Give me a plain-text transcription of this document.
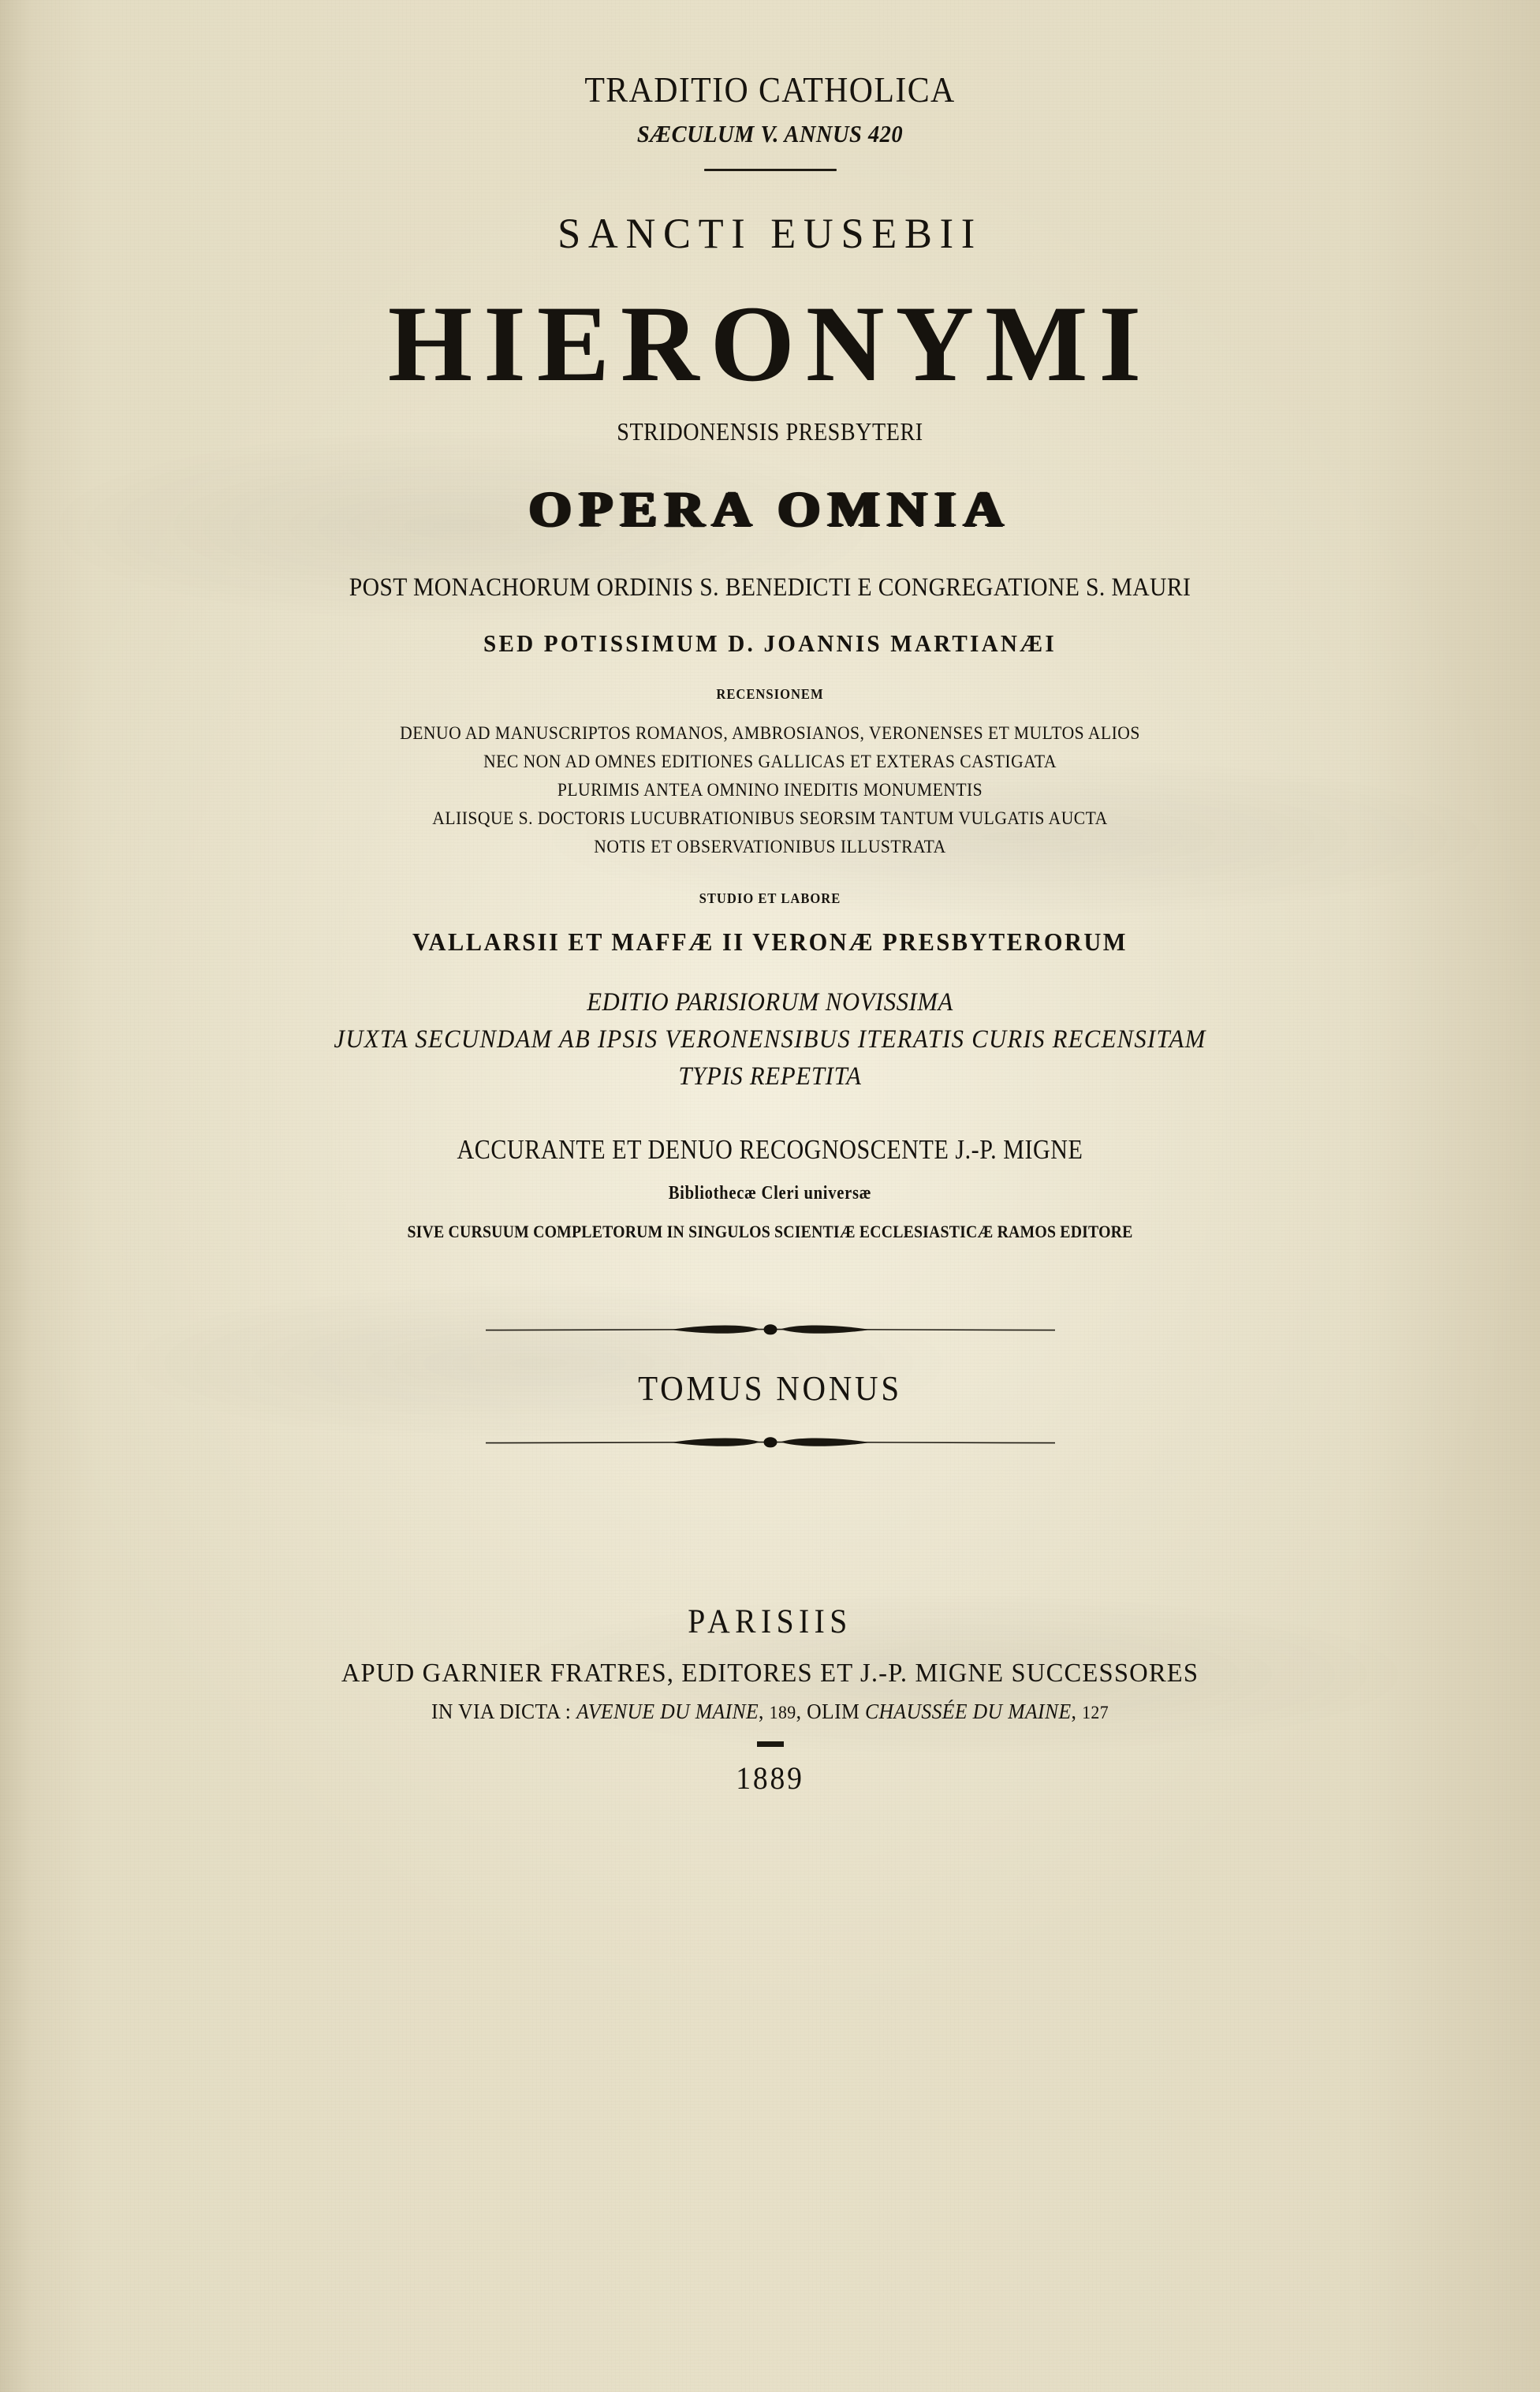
TRADITIO CATHOLICA
SÆCULUM V. ANNUS 420
SANCTI EUSEBII
HIERONYMI
STRIDONENSIS PRESBYTERI
OPERA OMNIA
POST MONACHORUM ORDINIS S. BENEDICTI E CONGREGATIONE S. MAURI
SED POTISSIMUM D. JOANNIS MARTIANÆI
RECENSIONEM
DENUO AD MANUSCRIPTOS ROMANOS, AMBROSIANOS, VERONENSES ET MULTOS ALIOS
NEC NON AD OMNES EDITIONES GALLICAS ET EXTERAS CASTIGATA
PLURIMIS ANTEA OMNINO INEDITIS MONUMENTIS
ALIISQUE S. DOCTORIS LUCUBRATIONIBUS SEORSIM TANTUM VULGATIS AUCTA
NOTIS ET OBSERVATIONIBUS ILLUSTRATA
STUDIO ET LABORE
VALLARSII ET MAFFÆ II VERONÆ PRESBYTERORUM
EDITIO PARISIORUM NOVISSIMA
JUXTA SECUNDAM AB IPSIS VERONENSIBUS ITERATIS CURIS RECENSITAM
TYPIS REPETITA
ACCURANTE ET DENUO RECOGNOSCENTE J.-P. MIGNE
Bibliothecæ Cleri universæ
SIVE CURSUUM COMPLETORUM IN SINGULOS SCIENTIÆ ECCLESIASTICÆ RAMOS EDITORE
TOMUS NONUS
PARISIIS
APUD GARNIER FRATRES, EDITORES ET J.-P. MIGNE SUCCESSORES
IN VIA DICTA : AVENUE DU MAINE, 189, OLIM CHAUSSÉE DU MAINE, 127
1889
